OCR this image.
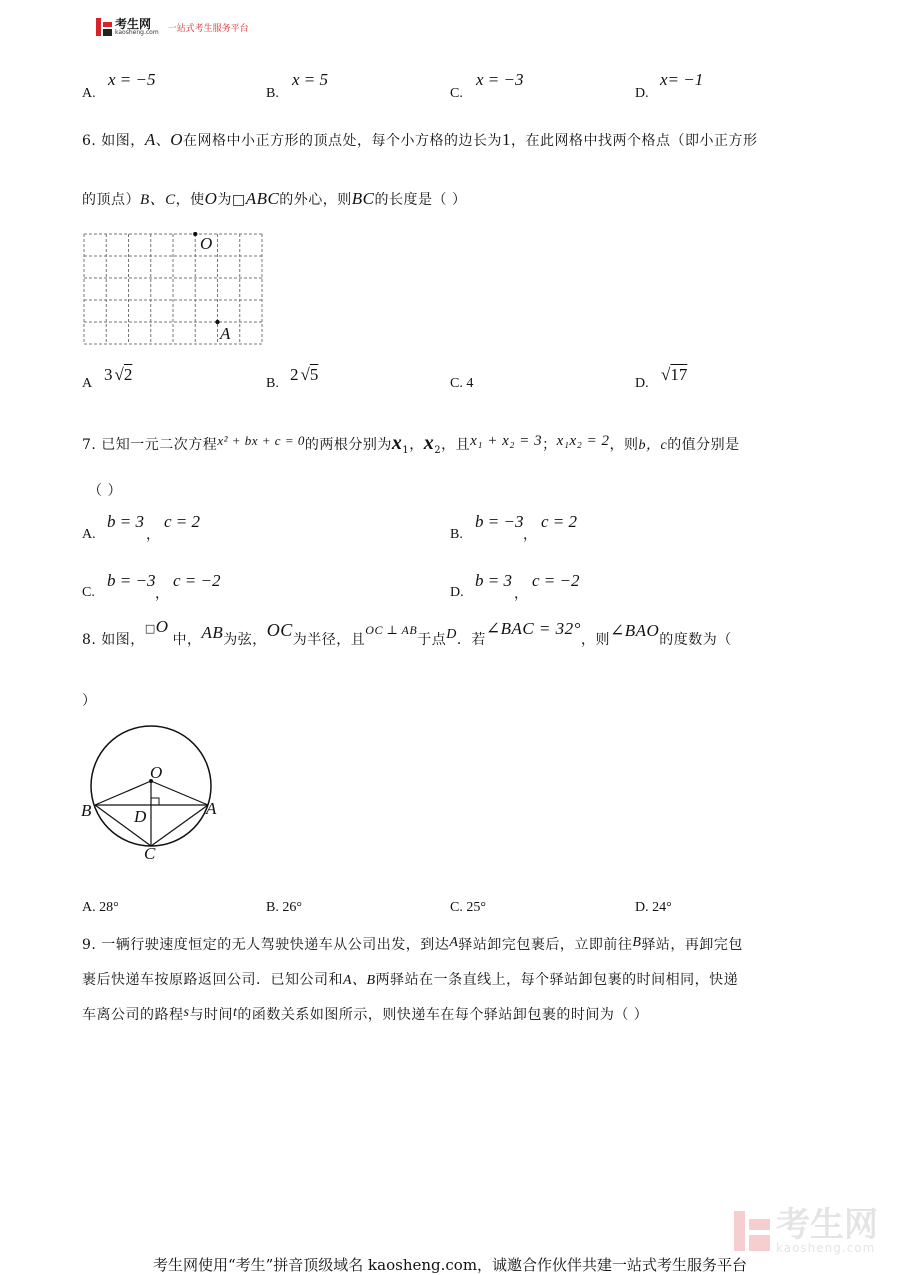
考生网
kaosheng.com 一站式考生服务平台
A.
x = −5
B.
x = 5
C.
x = −3
D.
x= −1
6. 如图，A、O在网格中小正方形的顶点处，每个小方格的边长为1，在此网格中找两个格点（即小正方形
的顶点）B、C，使O为□ABC的外心，则BC的长度是（ ）
O
A
A 3 √2	B. 2 √5	C. 4	D. √17
7. 已知一元二次方程x² + bx + c = 0的两根分别为$x_1$，$x_2$，且x₁ + x₂ = 3；x₁x₂ = 2，则b，c的值分别是
（ ）
A.
b = 3
，
c = 2
B.
b = −3
，
c = 2
C.
b = −3
，
c = −2
D.
b = 3
，
c = −2
8. 如图，□O中，AB为弦，OC为半径，且OC ⊥ AB于点D．若∠BAC = 32°，则∠BAO的度数为（
）
O
A
B
C
D
A. 28°	B. 26°	C. 25°	D. 24°
9. 一辆行驶速度恒定的无人驾驶快递车从公司出发，到达A驿站卸完包裹后，立即前往B驿站，再卸完包
裹后快递车按原路返回公司．已知公司和A、B两驿站在一条直线上，每个驿站卸包裹的时间相同，快递
车离公司的路程s与时间t的函数关系如图所示，则快递车在每个驿站卸包裹的时间为（ ）
考生网
kaosheng.com
考生网使用“考生”拼音顶级域名 kaosheng.com，诚邀合作伙伴共建一站式考生服务平台
